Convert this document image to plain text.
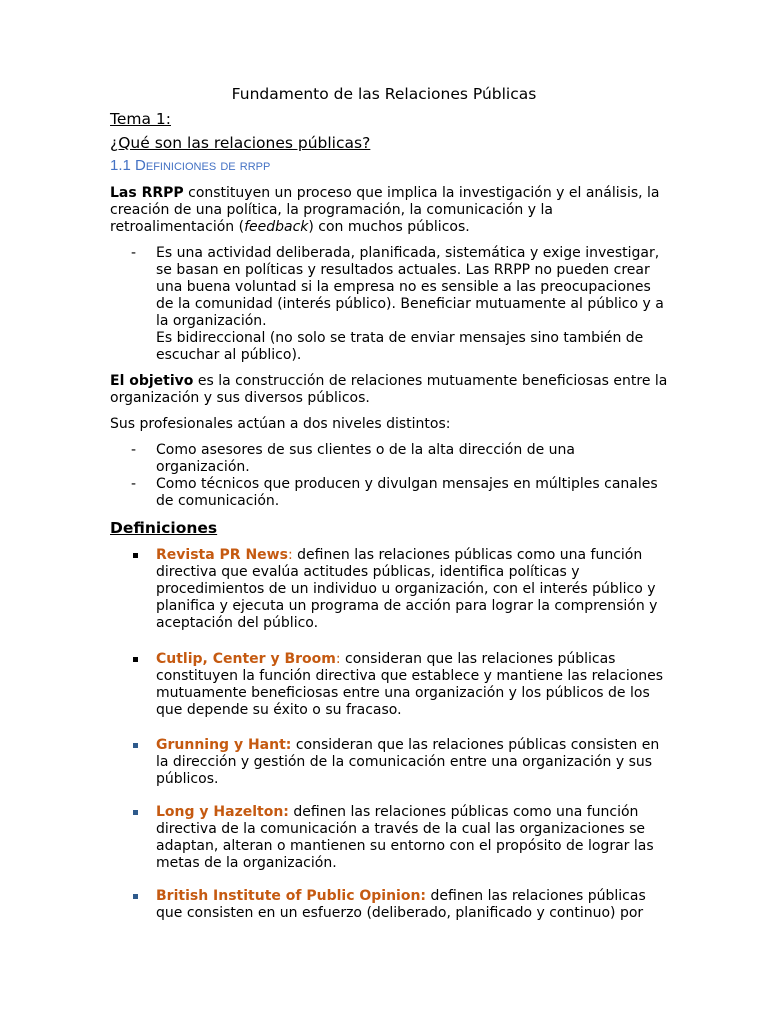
Fundamento de las Relaciones Públicas
Tema 1:
¿Qué son las relaciones públicas?
1.1 Definiciones de rrpp
Las RRPP constituyen un proceso que implica la investigación y el análisis, la creación de una política, la programación, la comunicación y la retroalimentación (feedback) con muchos públicos.
- Es una actividad deliberada, planificada, sistemática y exige investigar, se basan en políticas y resultados actuales. Las RRPP no pueden crear una buena voluntad si la empresa no es sensible a las preocupaciones de la comunidad (interés público). Beneficiar mutuamente al público y a la organización.
Es bidireccional (no solo se trata de enviar mensajes sino también de escuchar al público).
El objetivo es la construcción de relaciones mutuamente beneficiosas entre la organización y sus diversos públicos.
Sus profesionales actúan a dos niveles distintos:
- Como asesores de sus clientes o de la alta dirección de una organización.
- Como técnicos que producen y divulgan mensajes en múltiples canales de comunicación.
Definiciones
Revista PR News: definen las relaciones públicas como una función directiva que evalúa actitudes públicas, identifica políticas y procedimientos de un individuo u organización, con el interés público y planifica y ejecuta un programa de acción para lograr la comprensión y aceptación del público.
Cutlip, Center y Broom: consideran que las relaciones públicas constituyen la función directiva que establece y mantiene las relaciones mutuamente beneficiosas entre una organización y los públicos de los que depende su éxito o su fracaso.
Grunning y Hant: consideran que las relaciones públicas consisten en la dirección y gestión de la comunicación entre una organización y sus públicos.
Long y Hazelton: definen las relaciones públicas como una función directiva de la comunicación a través de la cual las organizaciones se adaptan, alteran o mantienen su entorno con el propósito de lograr las metas de la organización.
British Institute of Public Opinion: definen las relaciones públicas que consisten en un esfuerzo (deliberado, planificado y continuo) por
